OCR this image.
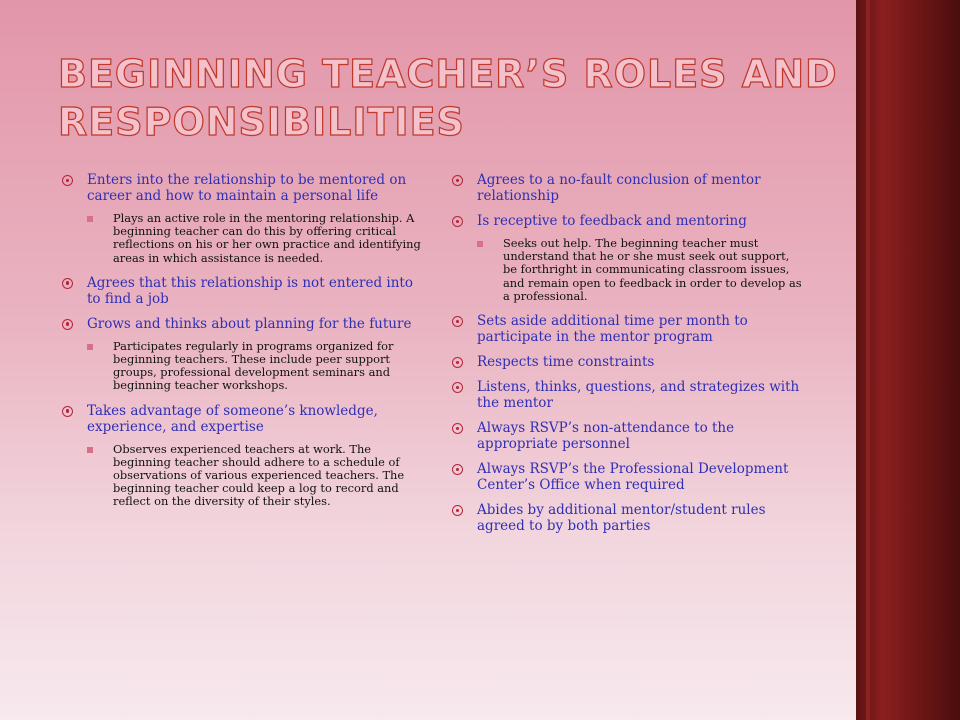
BEGINNING TEACHER’S ROLES AND RESPONSIBILITIES
Enters into the relationship to be mentored on career and how to maintain a personal life
Plays an active role in the mentoring relationship. A beginning teacher can do this by offering critical reflections on his or her own practice and identifying areas in which assistance is needed.
Agrees that this relationship is not entered into to find a job
Grows and thinks about planning for the future
Participates regularly in programs organized for beginning teachers. These include peer support groups, professional development seminars and beginning teacher workshops.
Takes advantage of someone’s knowledge, experience, and expertise
Observes experienced teachers at work. The beginning teacher should adhere to a schedule of observations of various experienced teachers. The beginning teacher could keep a log to record and reflect on the diversity of their styles.
Agrees to a no-fault conclusion of mentor relationship
Is receptive to feedback and mentoring
Seeks out help. The beginning teacher must understand that he or she must seek out support, be forthright in communicating classroom issues, and remain open to feedback in order to develop as a professional.
Sets aside additional time per month to participate in the mentor program
Respects time constraints
Listens, thinks, questions, and strategizes with the mentor
Always RSVP’s non-attendance to the appropriate personnel
Always RSVP’s the Professional Development Center’s Office when required
Abides by additional mentor/student rules agreed to by both parties
